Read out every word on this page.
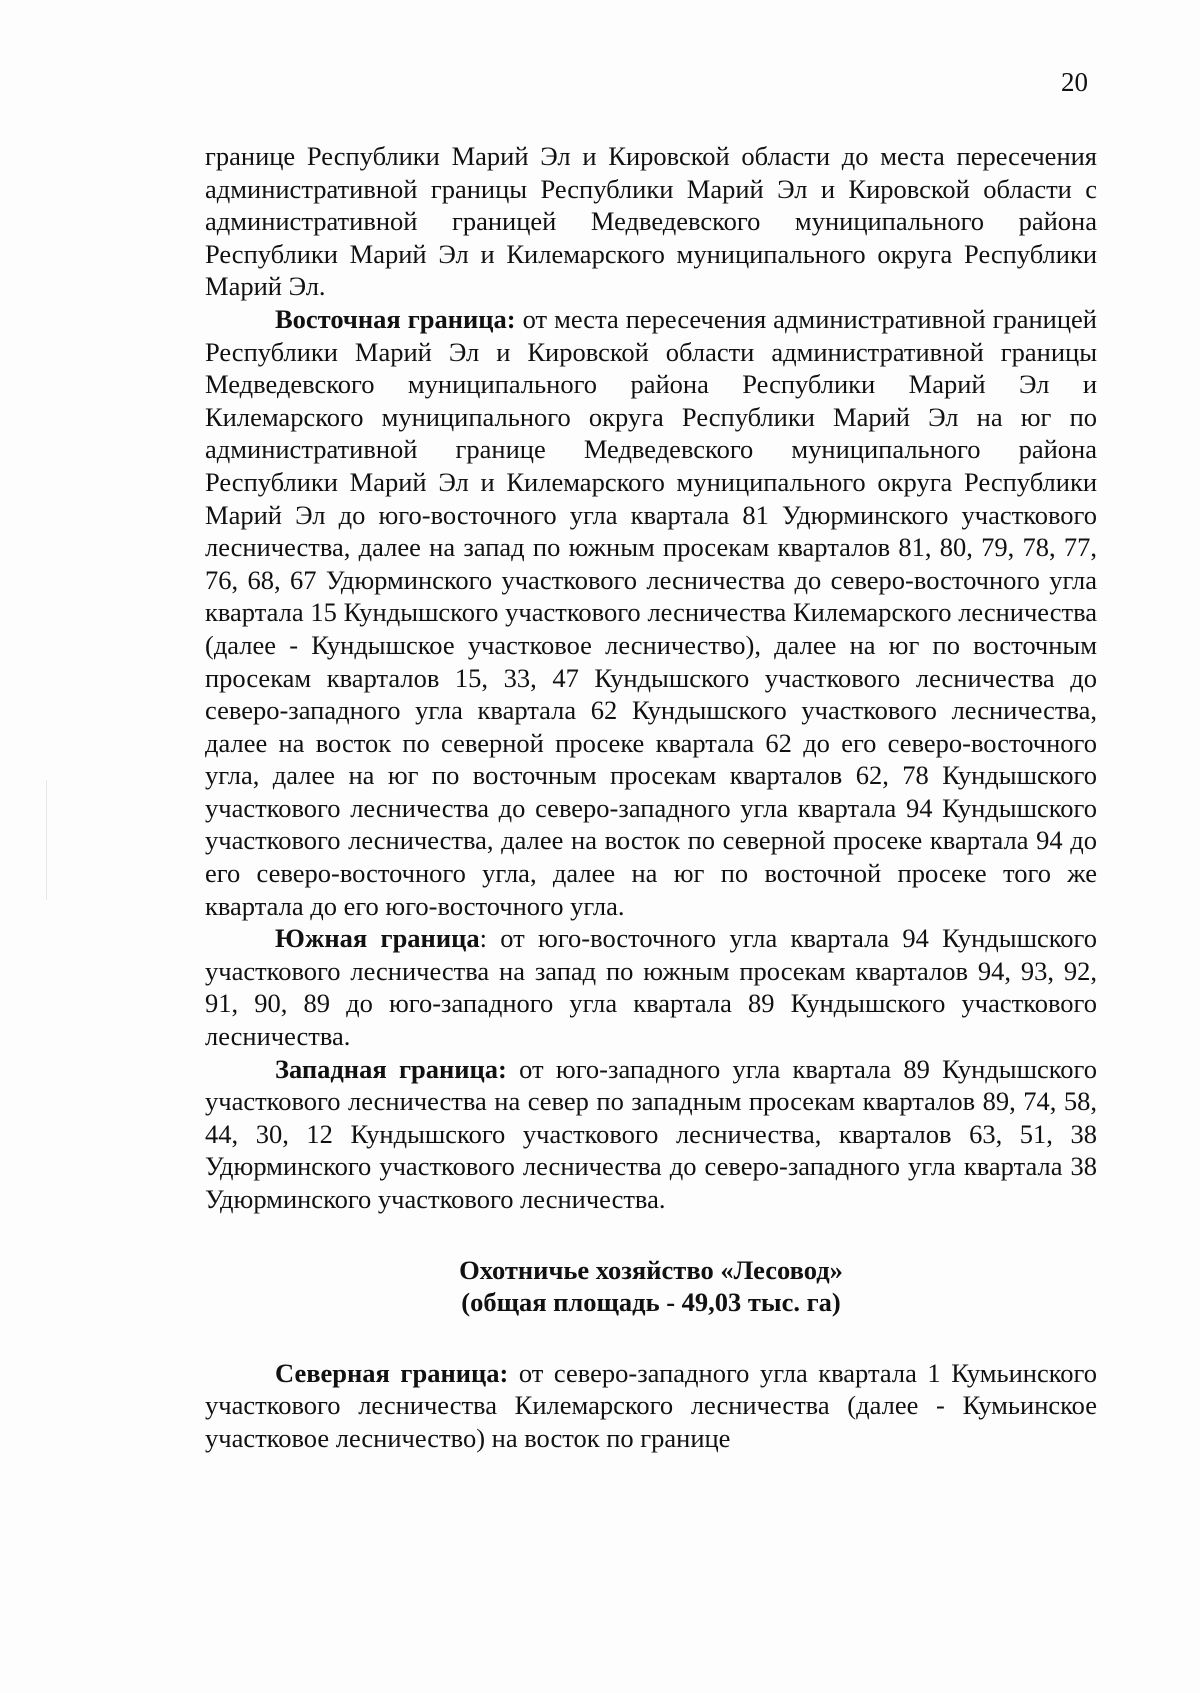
20

границе Республики Марий Эл и Кировской области до места пересечения административной границы Республики Марий Эл и Кировской области с административной границей Медведевского муниципального района Республики Марий Эл и Килемарского муниципального округа Республики Марий Эл.

Восточная граница: от места пересечения административной границей Республики Марий Эл и Кировской области административной границы Медведевского муниципального района Республики Марий Эл и Килемарского муниципального округа Республики Марий Эл на юг по административной границе Медведевского муниципального района Республики Марий Эл и Килемарского муниципального округа Республики Марий Эл до юго-восточного угла квартала 81 Удюрминского участкового лесничества, далее на запад по южным просекам кварталов 81, 80, 79, 78, 77, 76, 68, 67 Удюрминского участкового лесничества до северо-восточного угла квартала 15 Кундышского участкового лесничества Килемарского лесничества (далее - Кундышское участковое лесничество), далее на юг по восточным просекам кварталов 15, 33, 47 Кундышского участкового лесничества до северо-западного угла квартала 62 Кундышского участкового лесничества, далее на восток по северной просеке квартала 62 до его северо-восточного угла, далее на юг по восточным просекам кварталов 62, 78 Кундышского участкового лесничества до северо-западного угла квартала 94 Кундышского участкового лесничества, далее на восток по северной просеке квартала 94 до его северо-восточного угла, далее на юг по восточной просеке того же квартала до его юго-восточного угла.

Южная граница: от юго-восточного угла квартала 94 Кундышского участкового лесничества на запад по южным просекам кварталов 94, 93, 92, 91, 90, 89 до юго-западного угла квартала 89 Кундышского участкового лесничества.

Западная граница: от юго-западного угла квартала 89 Кундышского участкового лесничества на север по западным просекам кварталов 89, 74, 58, 44, 30, 12 Кундышского участкового лесничества, кварталов 63, 51, 38 Удюрминского участкового лесничества до северо-западного угла квартала 38 Удюрминского участкового лесничества.

Охотничье хозяйство «Лесовод»
(общая площадь - 49,03 тыс. га)

Северная граница: от северо-западного угла квартала 1 Кумьинского участкового лесничества Килемарского лесничества (далее - Кумьинское участковое лесничество) на восток по границе
